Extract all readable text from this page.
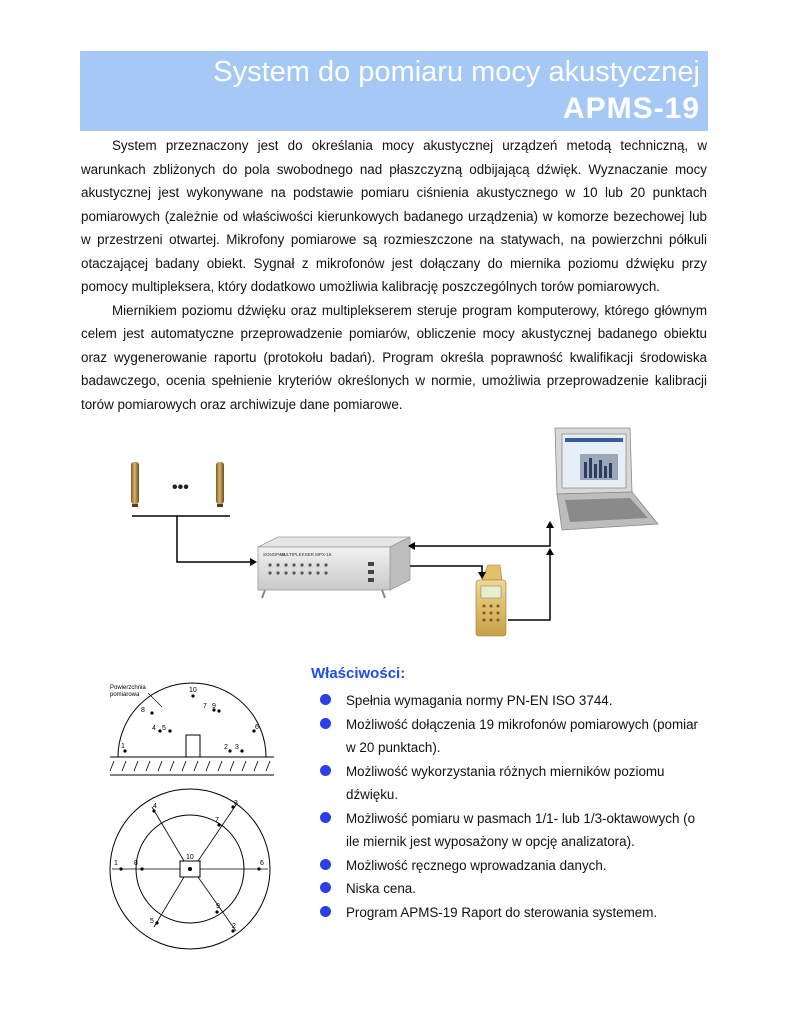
System do pomiaru mocy akustycznej
APMS-19

System przeznaczony jest do określania mocy akustycznej urządzeń metodą techniczną, w warunkach zbliżonych do pola swobodnego nad płaszczyzną odbijającą dźwięk. Wyznaczanie mocy akustycznej jest wykonywane na podstawie pomiaru ciśnienia akustycznego w 10 lub 20 punktach pomiarowych (zależnie od właściwości kierunkowych badanego urządzenia) w komorze bezechowej lub w przestrzeni otwartej. Mikrofony pomiarowe są rozmieszczone na statywach, na powierzchni półkuli otaczającej badany obiekt. Sygnał z mikrofonów jest dołączany do miernika poziomu dźwięku przy pomocy multipleksera, który dodatkowo umożliwia kalibrację poszczególnych torów pomiarowych.

Miernikiem poziomu dźwięku oraz multiplekserem steruje program komputerowy, którego głównym celem jest automatyczne przeprowadzenie pomiarów, obliczenie mocy akustycznej badanego obiektu oraz wygenerowanie raportu (protokołu badań). Program określa poprawność kwalifikacji środowiska badawczego, ocenia spełnienie kryteriów określonych w normie, umożliwia przeprowadzenie kalibracji torów pomiarowych oraz archiwizuje dane pomiarowe.

•••
SONOPAN
MULTIPLEKSER MPX-16
Powierzchnia
pomiarowa
10
7 9
8
4 5	6
1	2 3
4	3
7
1 8
10
6
9
5
2
Właściwości:
Spełnia wymagania normy PN-EN ISO 3744.
Możliwość dołączenia 19 mikrofonów pomiarowych (pomiar w 20 punktach).
Możliwość wykorzystania różnych mierników poziomu dźwięku.
Możliwość pomiaru w pasmach 1/1- lub 1/3-oktawowych (o ile miernik jest wyposażony w opcję analizatora).
Możliwość ręcznego wprowadzania danych.
Niska cena.
Program APMS-19 Raport do sterowania systemem.
